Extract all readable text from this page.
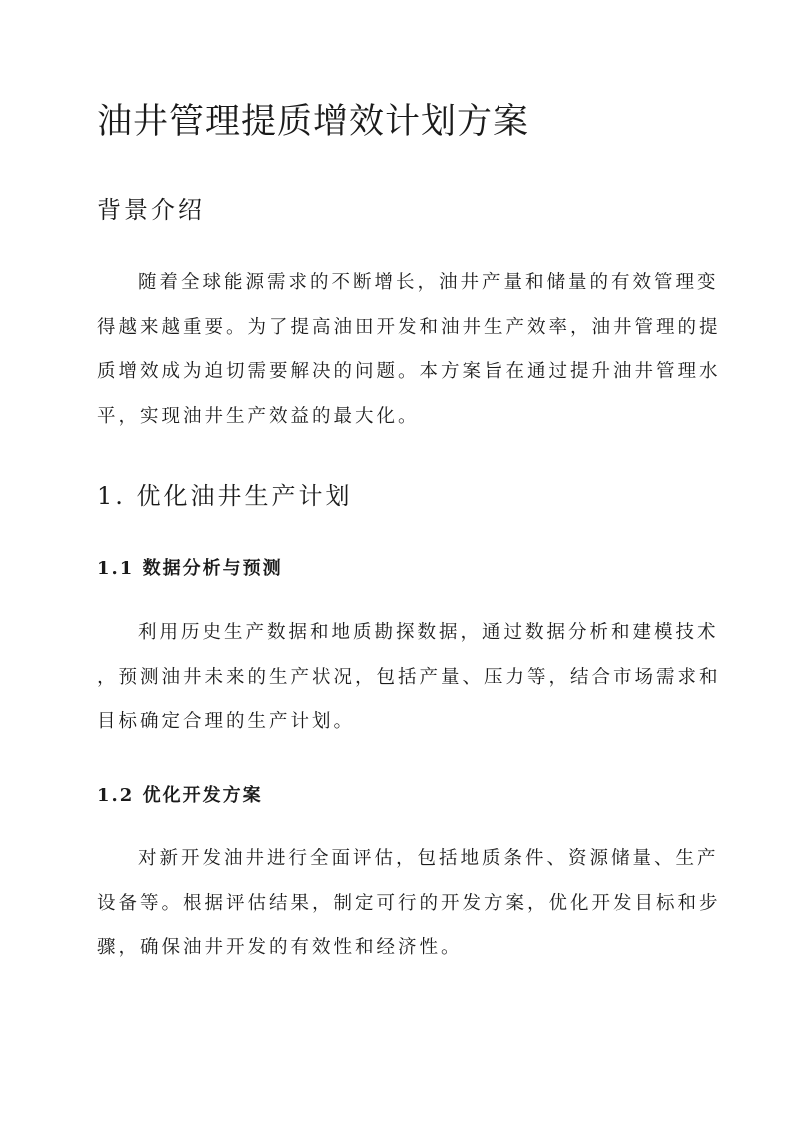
油井管理提质增效计划方案
背景介绍
随着全球能源需求的不断增长，油井产量和储量的有效管理变
得越来越重要。为了提高油田开发和油井生产效率，油井管理的提
质增效成为迫切需要解决的问题。本方案旨在通过提升油井管理水
平，实现油井生产效益的最大化。
1. 优化油井生产计划
1.1 数据分析与预测
利用历史生产数据和地质勘探数据，通过数据分析和建模技术
，预测油井未来的生产状况，包括产量、压力等，结合市场需求和
目标确定合理的生产计划。
1.2 优化开发方案
对新开发油井进行全面评估，包括地质条件、资源储量、生产
设备等。根据评估结果，制定可行的开发方案，优化开发目标和步
骤，确保油井开发的有效性和经济性。
